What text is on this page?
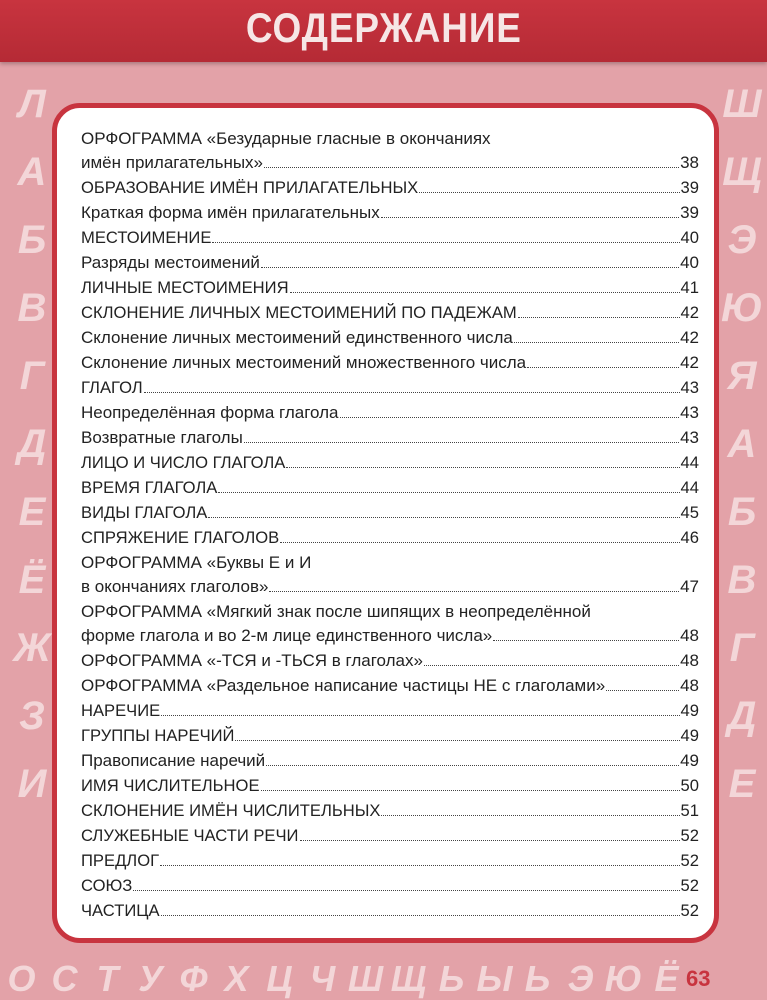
СОДЕРЖАНИЕ
Л
А
Б
В
Г
Д
Е
Ё
Ж
З
И
Ш
Щ
Э
Ю
Я
А
Б
В
Г
Д
Е
О С Т У Ф Х Ц Ч Ш Щ Ь Ы Ь Э Ю Ё
ОРФОГРАММА «Безударные гласные в окончаниях
имён прилагательных»	38
ОБРАЗОВАНИЕ ИМЁН ПРИЛАГАТЕЛЬНЫХ	39
Краткая форма имён прилагательных	39
МЕСТОИМЕНИЕ	40
Разряды местоимений	40
ЛИЧНЫЕ МЕСТОИМЕНИЯ	41
СКЛОНЕНИЕ ЛИЧНЫХ МЕСТОИМЕНИЙ ПО ПАДЕЖАМ	42
Склонение личных местоимений единственного числа	42
Склонение личных местоимений множественного числа	42
ГЛАГОЛ	43
Неопределённая форма глагола	43
Возвратные глаголы	43
ЛИЦО И ЧИСЛО ГЛАГОЛА	44
ВРЕМЯ ГЛАГОЛА	44
ВИДЫ ГЛАГОЛА	45
СПРЯЖЕНИЕ ГЛАГОЛОВ	46
ОРФОГРАММА «Буквы Е и И
в окончаниях глаголов»	47
ОРФОГРАММА «Мягкий знак после шипящих в неопределённой
форме глагола и во 2-м лице единственного числа»	48
ОРФОГРАММА «-ТСЯ и -ТЬСЯ в глаголах»	48
ОРФОГРАММА «Раздельное написание частицы НЕ с глаголами»	48
НАРЕЧИЕ	49
ГРУППЫ НАРЕЧИЙ	49
Правописание наречий	49
ИМЯ ЧИСЛИТЕЛЬНОЕ	50
СКЛОНЕНИЕ ИМЁН ЧИСЛИТЕЛЬНЫХ	51
СЛУЖЕБНЫЕ ЧАСТИ РЕЧИ	52
ПРЕДЛОГ	52
СОЮЗ	52
ЧАСТИЦА	52
63
